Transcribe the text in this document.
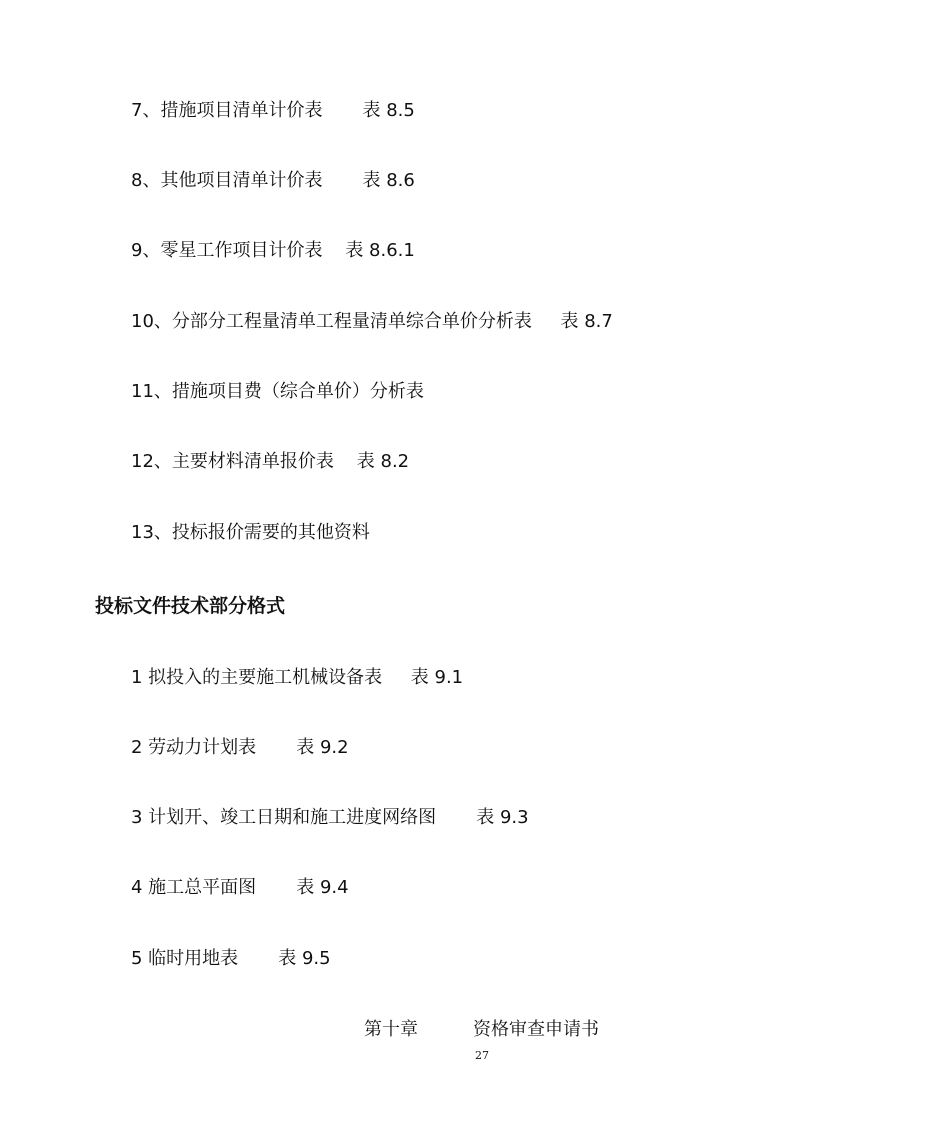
7、措施项目清单计价表       表 8.5

8、其他项目清单计价表       表 8.6

9、零星工作项目计价表    表 8.6.1

10、分部分工程量清单工程量清单综合单价分析表     表 8.7

11、措施项目费（综合单价）分析表

12、主要材料清单报价表    表 8.2

13、投标报价需要的其他资料

投标文件技术部分格式

1 拟投入的主要施工机械设备表     表 9.1

2 劳动力计划表       表 9.2

3 计划开、竣工日期和施工进度网络图       表 9.3

4 施工总平面图       表 9.4

5 临时用地表       表 9.5

第十章	资格审查申请书
27
